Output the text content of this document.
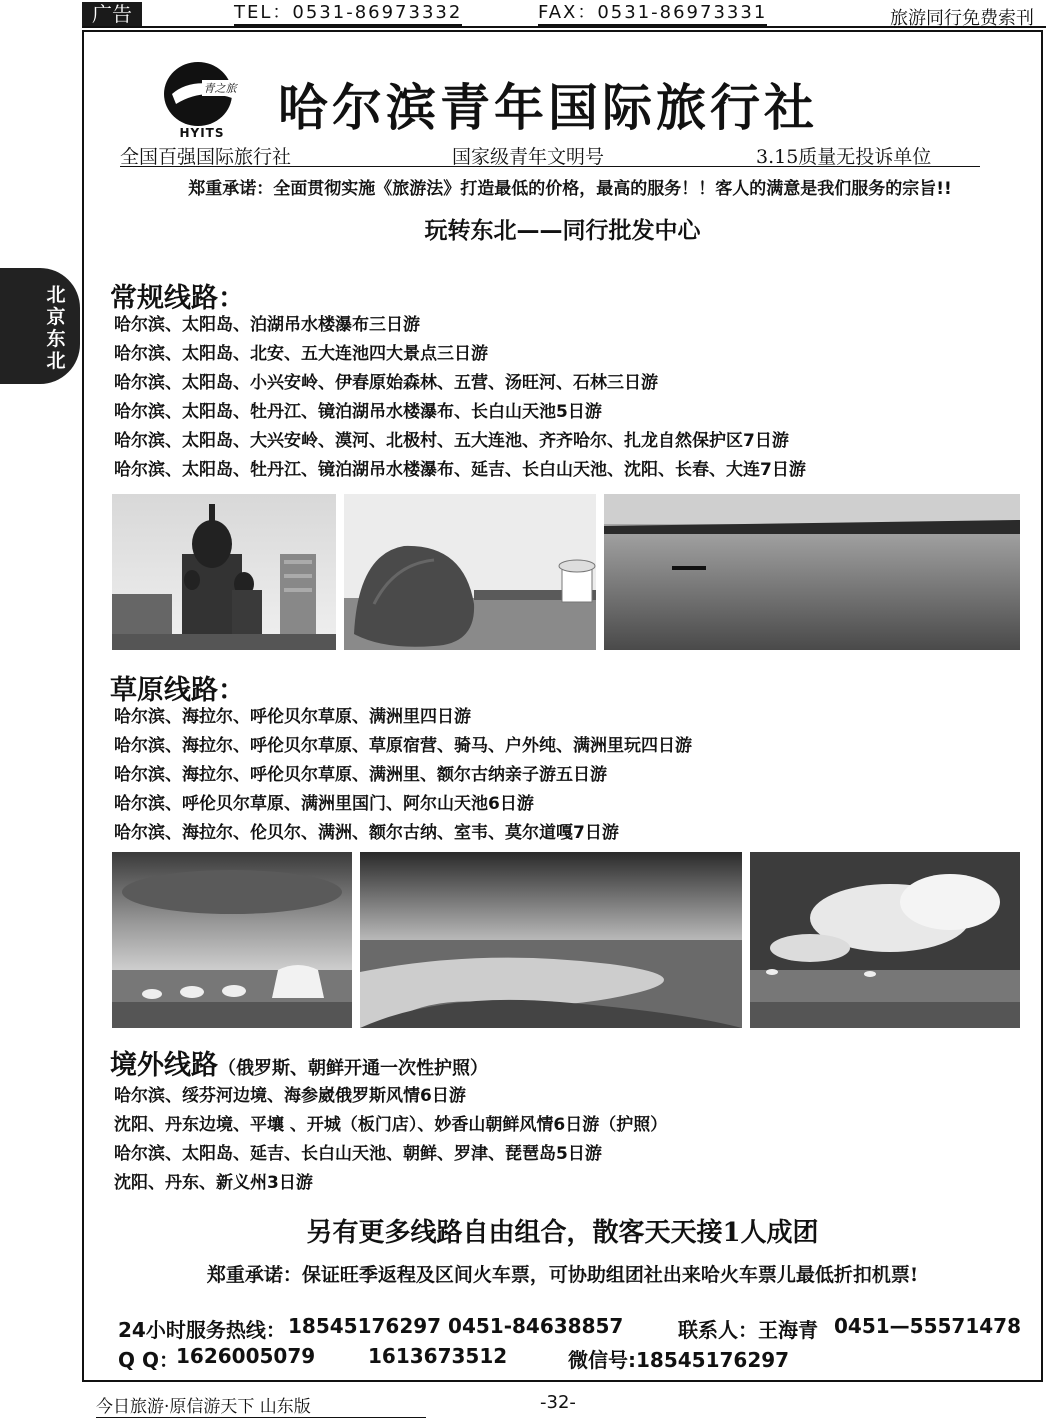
广告	TEL：0531-86973332	FAX：0531-86973331	旅游同行免费索刊
北
京
东
北
青之旅
HYITS 哈尔滨青年国际旅行社
全国百强国际旅行社	国家级青年文明号	3.15质量无投诉单位
郑重承诺：全面贯彻实施《旅游法》打造最低的价格，最高的服务！！客人的满意是我们服务的宗旨!!
玩转东北——同行批发中心
常规线路：
哈尔滨、太阳岛、泊湖吊水楼瀑布三日游
哈尔滨、太阳岛、北安、五大连池四大景点三日游
哈尔滨、太阳岛、小兴安岭、伊春原始森林、五营、汤旺河、石林三日游
哈尔滨、太阳岛、牡丹江、镜泊湖吊水楼瀑布、长白山天池5日游
哈尔滨、太阳岛、大兴安岭、漠河、北极村、五大连池、齐齐哈尔、扎龙自然保护区7日游
哈尔滨、太阳岛、牡丹江、镜泊湖吊水楼瀑布、延吉、长白山天池、沈阳、长春、大连7日游
草原线路：
哈尔滨、海拉尔、呼伦贝尔草原、满洲里四日游
哈尔滨、海拉尔、呼伦贝尔草原、草原宿营、骑马、户外纯、满洲里玩四日游
哈尔滨、海拉尔、呼伦贝尔草原、满洲里、额尔古纳亲子游五日游
哈尔滨、呼伦贝尔草原、满洲里国门、阿尔山天池6日游
哈尔滨、海拉尔、伦贝尔、满洲、额尔古纳、室韦、莫尔道嘎7日游
境外线路（俄罗斯、朝鲜开通一次性护照）
哈尔滨、绥芬河边境、海参崴俄罗斯风情6日游
沈阳、丹东边境、平壤 、开城（板门店）、妙香山朝鲜风情6日游（护照）
哈尔滨、太阳岛、延吉、长白山天池、朝鲜、罗津、琵琶岛5日游
沈阳、丹东、新义州3日游
另有更多线路自由组合，散客天天接1人成团
郑重承诺：保证旺季返程及区间火车票，可协助组团社出来哈火车票儿最低折扣机票!
24小时服务热线： 18545176297 0451-84638857	联系人：王海青 0451—55571478
Q Q：
1626005079	1613673512	微信号:18545176297
今日旅游·原信游天下 山东版	-32-
